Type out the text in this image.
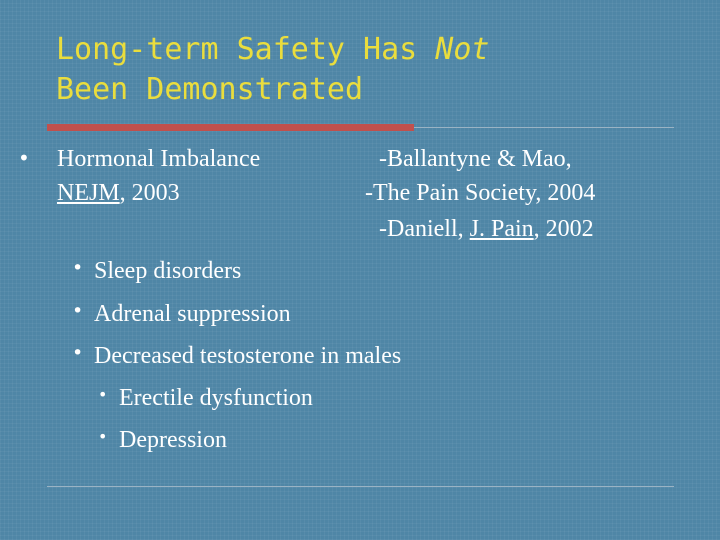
Long-term Safety Has Not
Been Demonstrated
• Hormonal Imbalance
NEJM, 2003
-Ballantyne & Mao,
-The Pain Society, 2004
-Daniell, J. Pain, 2002
• Sleep disorders
• Adrenal suppression
• Decreased testosterone in males
• Erectile dysfunction
• Depression
